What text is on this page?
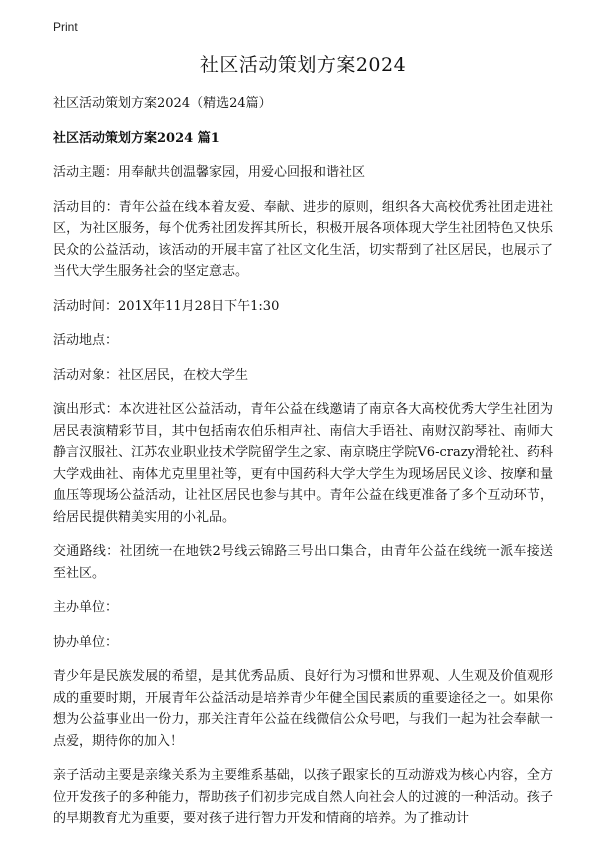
Print
社区活动策划方案2024

社区活动策划方案2024（精选24篇）

社区活动策划方案2024 篇1

活动主题：用奉献共创温馨家园，用爱心回报和谐社区

活动目的：青年公益在线本着友爱、奉献、进步的原则，组织各大高校优秀社团走进社区，为社区服务，每个优秀社团发挥其所长，积极开展各项体现大学生社团特色又快乐民众的公益活动，该活动的开展丰富了社区文化生活，切实帮到了社区居民，也展示了当代大学生服务社会的坚定意志。

活动时间：201X年11月28日下午1:30

活动地点：

活动对象：社区居民，在校大学生

演出形式：本次进社区公益活动，青年公益在线邀请了南京各大高校优秀大学生社团为居民表演精彩节目，其中包括南农伯乐相声社、南信大手语社、南财汉韵琴社、南师大静言汉服社、江苏农业职业技术学院留学生之家、南京晓庄学院V6-crazy滑轮社、药科大学戏曲社、南体尤克里里社等，更有中国药科大学大学生为现场居民义诊、按摩和量血压等现场公益活动，让社区居民也参与其中。青年公益在线更准备了多个互动环节，给居民提供精美实用的小礼品。

交通路线：社团统一在地铁2号线云锦路三号出口集合，由青年公益在线统一派车接送至社区。

主办单位：

协办单位：

青少年是民族发展的希望，是其优秀品质、良好行为习惯和世界观、人生观及价值观形成的重要时期，开展青年公益活动是培养青少年健全国民素质的重要途径之一。如果你想为公益事业出一份力，那关注青年公益在线微信公众号吧，与我们一起为社会奉献一点爱，期待你的加入！

亲子活动主要是亲缘关系为主要维系基础，以孩子跟家长的互动游戏为核心内容，全方位开发孩子的多种能力，帮助孩子们初步完成自然人向社会人的过渡的一种活动。孩子的早期教育尤为重要，要对孩子进行智力开发和情商的培养。为了推动计
